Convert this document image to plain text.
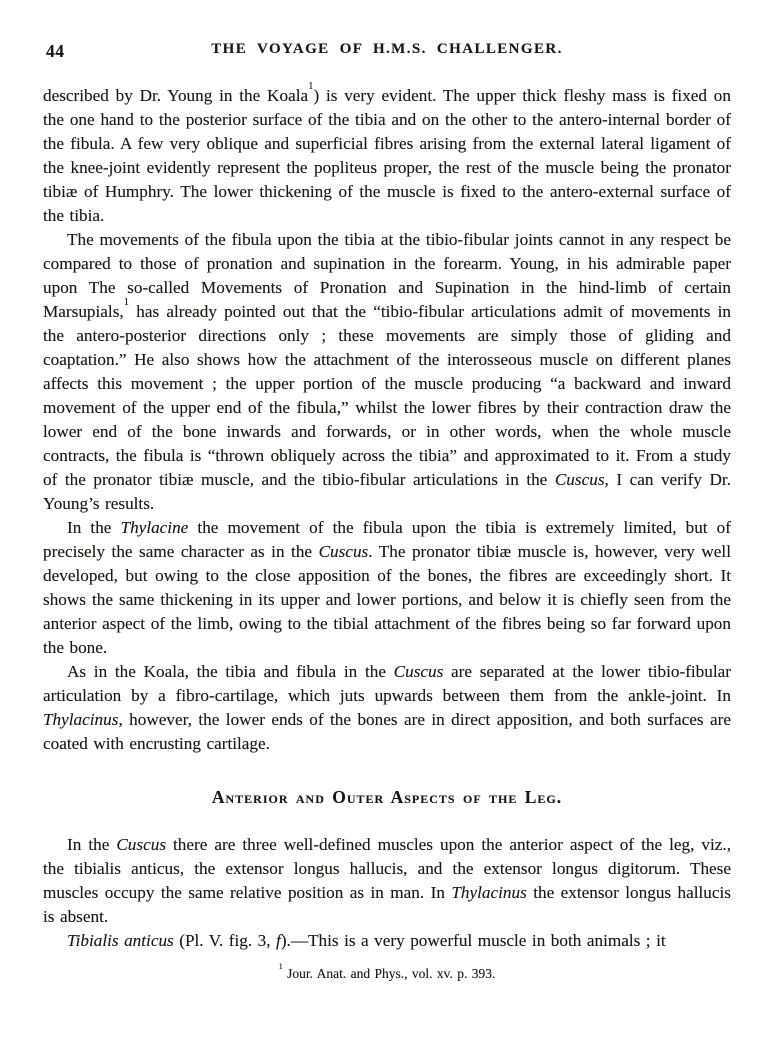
44	THE VOYAGE OF H.M.S. CHALLENGER.

described by Dr. Young in the Koala$^1$) is very evident. The upper thick fleshy mass is fixed on the one hand to the posterior surface of the tibia and on the other to the antero-internal border of the fibula. A few very oblique and superficial fibres arising from the external lateral ligament of the knee-joint evidently represent the popliteus proper, the rest of the muscle being the pronator tibiæ of Humphry. The lower thickening of the muscle is fixed to the antero-external surface of the tibia.

The movements of the fibula upon the tibia at the tibio-fibular joints cannot in any respect be compared to those of pronation and supination in the forearm. Young, in his admirable paper upon The so-called Movements of Pronation and Supination in the hind-limb of certain Marsupials,$^1$ has already pointed out that the “tibio-fibular articulations admit of movements in the antero-posterior directions only ; these movements are simply those of gliding and coaptation.” He also shows how the attachment of the interosseous muscle on different planes affects this movement ; the upper portion of the muscle producing “a backward and inward movement of the upper end of the fibula,” whilst the lower fibres by their contraction draw the lower end of the bone inwards and forwards, or in other words, when the whole muscle contracts, the fibula is “thrown obliquely across the tibia” and approximated to it. From a study of the pronator tibiæ muscle, and the tibio-fibular articulations in the Cuscus, I can verify Dr. Young’s results.

In the Thylacine the movement of the fibula upon the tibia is extremely limited, but of precisely the same character as in the Cuscus. The pronator tibiæ muscle is, however, very well developed, but owing to the close apposition of the bones, the fibres are exceedingly short. It shows the same thickening in its upper and lower portions, and below it is chiefly seen from the anterior aspect of the limb, owing to the tibial attachment of the fibres being so far forward upon the bone.

As in the Koala, the tibia and fibula in the Cuscus are separated at the lower tibio-fibular articulation by a fibro-cartilage, which juts upwards between them from the ankle-joint. In Thylacinus, however, the lower ends of the bones are in direct apposition, and both surfaces are coated with encrusting cartilage.

Anterior and Outer Aspects of the Leg.

In the Cuscus there are three well-defined muscles upon the anterior aspect of the leg, viz., the tibialis anticus, the extensor longus hallucis, and the extensor longus digitorum. These muscles occupy the same relative position as in man. In Thylacinus the extensor longus hallucis is absent.

Tibialis anticus (Pl. V. fig. 3, f).—This is a very powerful muscle in both animals ; it

$^1$ Jour. Anat. and Phys., vol. xv. p. 393.
